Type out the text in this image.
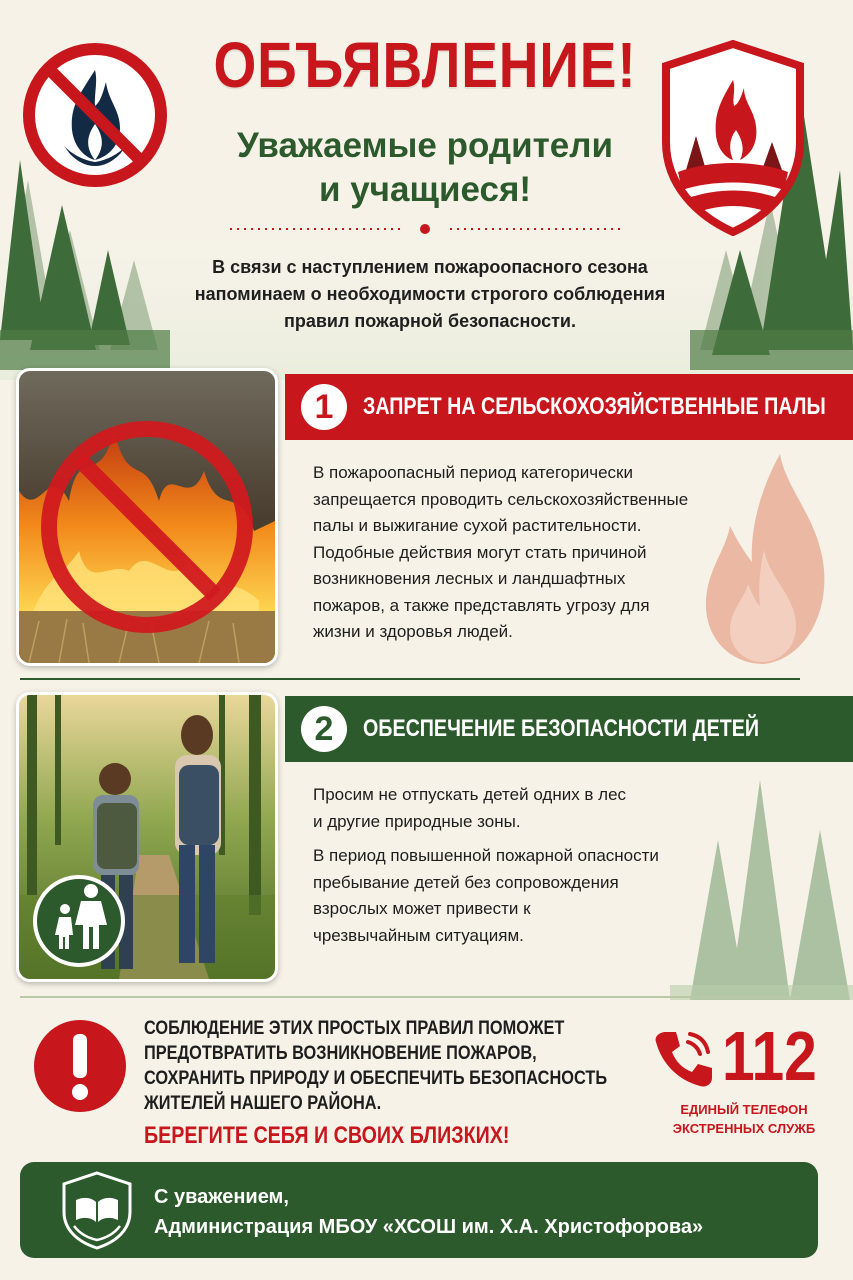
ОБЪЯВЛЕНИЕ!
Уважаемые родители
и учащиеся!
В связи с наступлением пожароопасного сезона
напоминаем о необходимости строгого соблюдения
правил пожарной безопасности.
1	ЗАПРЕТ НА СЕЛЬСКОХОЗЯЙСТВЕННЫЕ ПАЛЫ
В пожароопасный период категорически
запрещается проводить сельскохозяйственные
палы и выжигание сухой растительности.
Подобные действия могут стать причиной
возникновения лесных и ландшафтных
пожаров, а также представлять угрозу для
жизни и здоровья людей.
2	ОБЕСПЕЧЕНИЕ БЕЗОПАСНОСТИ ДЕТЕЙ

Просим не отпускать детей одних в лес
и другие природные зоны.

В период повышенной пожарной опасности
пребывание детей без сопровождения
взрослых может привести к
чрезвычайным ситуациям.

СОБЛЮДЕНИЕ ЭТИХ ПРОСТЫХ ПРАВИЛ ПОМОЖЕТ
ПРЕДОТВРАТИТЬ ВОЗНИКНОВЕНИЕ ПОЖАРОВ,
СОХРАНИТЬ ПРИРОДУ И ОБЕСПЕЧИТЬ БЕЗОПАСНОСТЬ
ЖИТЕЛЕЙ НАШЕГО РАЙОНА.
БЕРЕГИТЕ СЕБЯ И СВОИХ БЛИЗКИХ!
112
ЕДИНЫЙ ТЕЛЕФОН
ЭКСТРЕННЫХ СЛУЖБ
С уважением,
Администрация МБОУ «ХСОШ им. Х.А. Христофорова»
